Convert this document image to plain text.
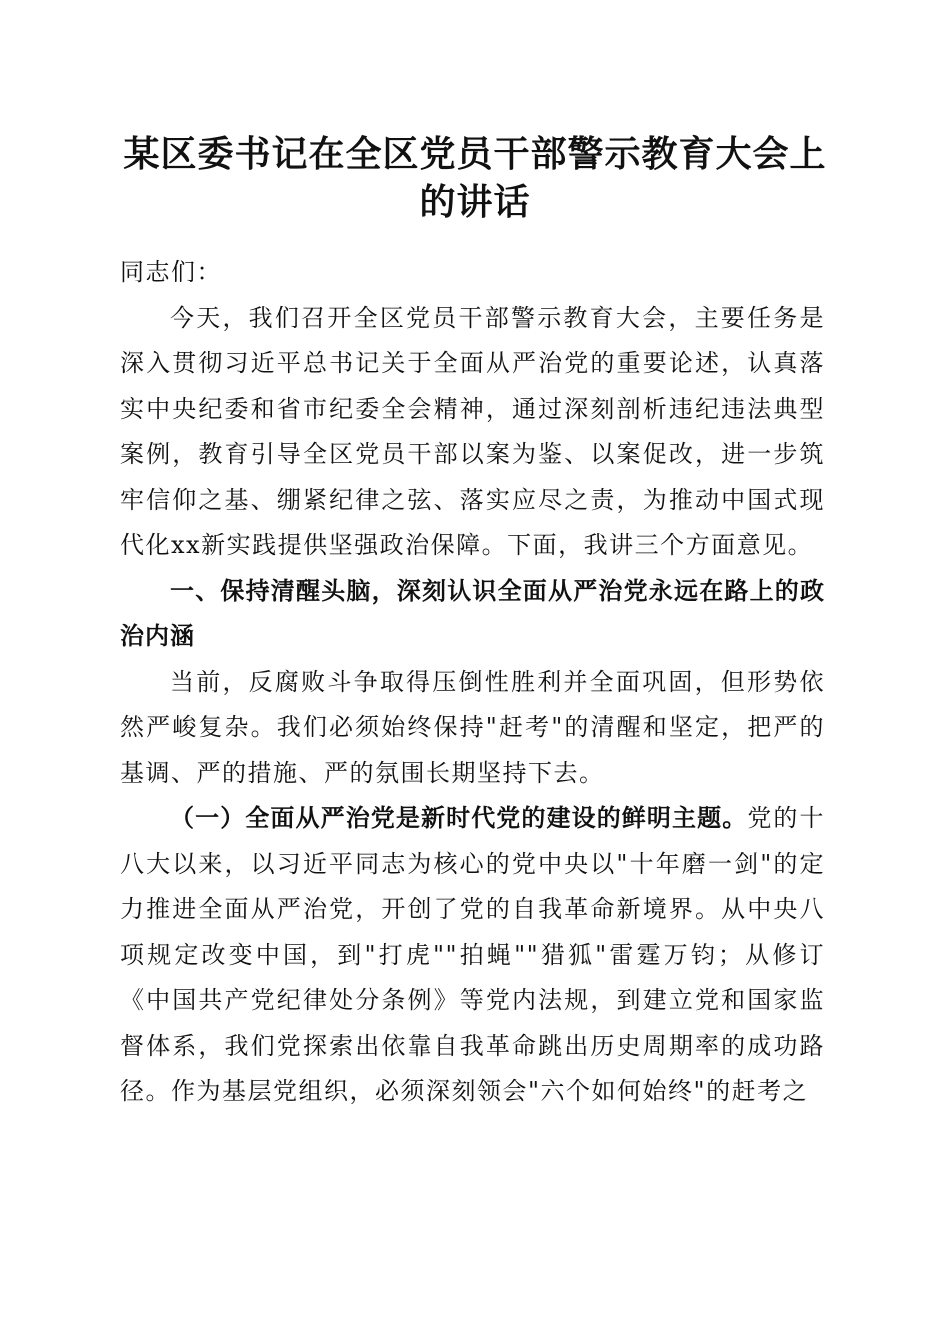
某区委书记在全区党员干部警示教育大会上的讲话

同志们：

今天，我们召开全区党员干部警示教育大会，主要任务是深入贯彻习近平总书记关于全面从严治党的重要论述，认真落实中央纪委和省市纪委全会精神，通过深刻剖析违纪违法典型案例，教育引导全区党员干部以案为鉴、以案促改，进一步筑牢信仰之基、绷紧纪律之弦、落实应尽之责，为推动中国式现代化xx新实践提供坚强政治保障。下面，我讲三个方面意见。

一、保持清醒头脑，深刻认识全面从严治党永远在路上的政治内涵

当前，反腐败斗争取得压倒性胜利并全面巩固，但形势依然严峻复杂。我们必须始终保持"赶考"的清醒和坚定，把严的基调、严的措施、严的氛围长期坚持下去。

（一）全面从严治党是新时代党的建设的鲜明主题。党的十八大以来，以习近平同志为核心的党中央以"十年磨一剑"的定力推进全面从严治党，开创了党的自我革命新境界。从中央八项规定改变中国，到"打虎""拍蝇""猎狐"雷霆万钧；从修订《中国共产党纪律处分条例》等党内法规，到建立党和国家监督体系，我们党探索出依靠自我革命跳出历史周期率的成功路径。作为基层党组织，必须深刻领会"六个如何始终"的赶考之
